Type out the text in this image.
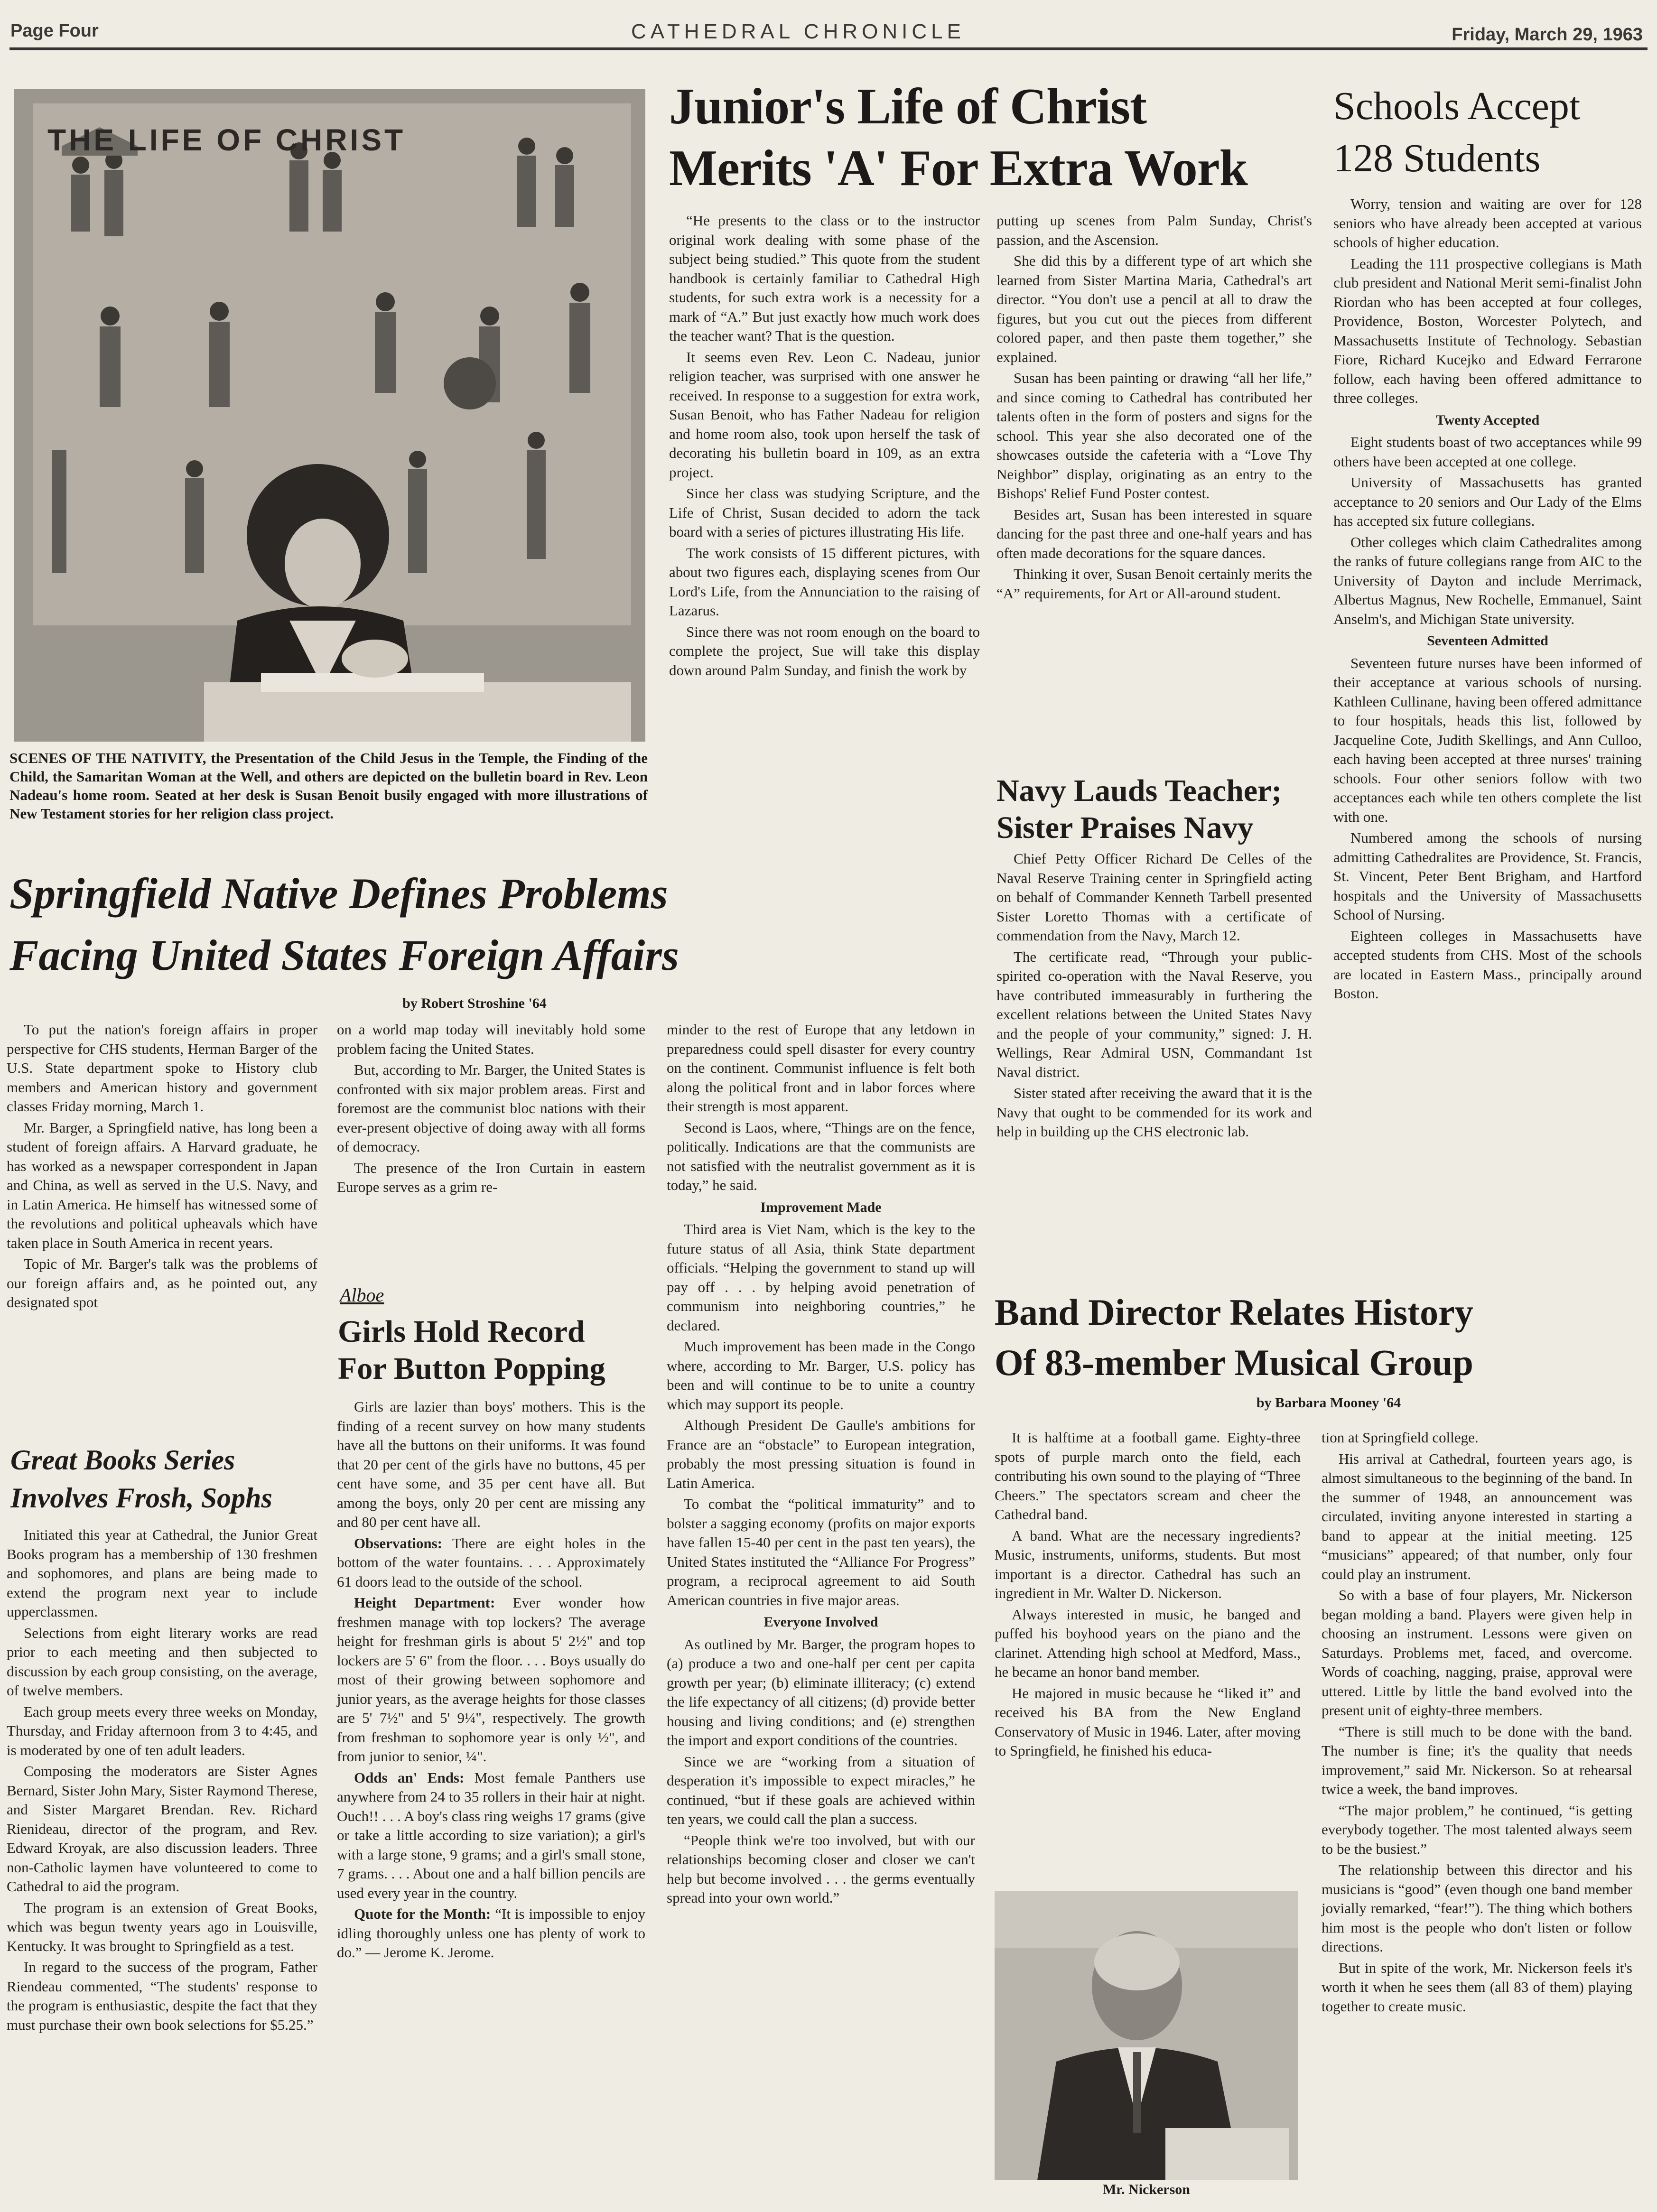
Page Four	CATHEDRAL CHRONICLE	Friday, March 29, 1963
THE LIFE OF CHRIST
SCENES OF THE NATIVITY, the Presentation of the Child Jesus in the Temple, the Finding of the Child, the Samaritan Woman at the Well, and others are depicted on the bulletin board in Rev. Leon Nadeau's home room. Seated at her desk is Susan Benoit busily engaged with more illustrations of New Testament stories for her religion class project.
Junior's Life of Christ
Merits 'A' For Extra Work

“He presents to the class or to the instructor original work dealing with some phase of the subject being studied.” This quote from the student handbook is certainly familiar to Cathedral High students, for such extra work is a necessity for a mark of “A.” But just exactly how much work does the teacher want? That is the question.

It seems even Rev. Leon C. Nadeau, junior religion teacher, was surprised with one answer he received. In response to a suggestion for extra work, Susan Benoit, who has Father Nadeau for religion and home room also, took upon herself the task of decorating his bulletin board in 109, as an extra project.

Since her class was studying Scripture, and the Life of Christ, Susan decided to adorn the tack board with a series of pictures illustrating His life.

The work consists of 15 different pictures, with about two figures each, displaying scenes from Our Lord's Life, from the Annunciation to the raising of Lazarus.

Since there was not room enough on the board to complete the project, Sue will take this display down around Palm Sunday, and finish the work by

putting up scenes from Palm Sunday, Christ's passion, and the Ascension.

She did this by a different type of art which she learned from Sister Martina Maria, Cathedral's art director. “You don't use a pencil at all to draw the figures, but you cut out the pieces from different colored paper, and then paste them together,” she explained.

Susan has been painting or drawing “all her life,” and since coming to Cathedral has contributed her talents often in the form of posters and signs for the school. This year she also decorated one of the showcases outside the cafeteria with a “Love Thy Neighbor” display, originating as an entry to the Bishops' Relief Fund Poster contest.

Besides art, Susan has been interested in square dancing for the past three and one-half years and has often made decorations for the square dances.

Thinking it over, Susan Benoit certainly merits the “A” requirements, for Art or All-around student.

Navy Lauds Teacher;
Sister Praises Navy

Chief Petty Officer Richard De Celles of the Naval Reserve Training center in Springfield acting on behalf of Commander Kenneth Tarbell presented Sister Loretto Thomas with a certificate of commendation from the Navy, March 12.

The certificate read, “Through your public-spirited co-operation with the Naval Reserve, you have contributed immeasurably in furthering the excellent relations between the United States Navy and the people of your community,” signed: J. H. Wellings, Rear Admiral USN, Commandant 1st Naval district.

Sister stated after receiving the award that it is the Navy that ought to be commended for its work and help in building up the CHS electronic lab.

Schools Accept
128 Students

Worry, tension and waiting are over for 128 seniors who have already been accepted at various schools of higher education.

Leading the 111 prospective collegians is Math club president and National Merit semi-finalist John Riordan who has been accepted at four colleges, Providence, Boston, Worcester Polytech, and Massachusetts Institute of Technology. Sebastian Fiore, Richard Kucejko and Edward Ferrarone follow, each having been offered admittance to three colleges.

Twenty Accepted

Eight students boast of two acceptances while 99 others have been accepted at one college.

University of Massachusetts has granted acceptance to 20 seniors and Our Lady of the Elms has accepted six future collegians.

Other colleges which claim Cathedralites among the ranks of future collegians range from AIC to the University of Dayton and include Merrimack, Albertus Magnus, New Rochelle, Emmanuel, Saint Anselm's, and Michigan State university.

Seventeen Admitted

Seventeen future nurses have been informed of their acceptance at various schools of nursing. Kathleen Cullinane, having been offered admittance to four hospitals, heads this list, followed by Jacqueline Cote, Judith Skellings, and Ann Culloo, each having been accepted at three nurses' training schools. Four other seniors follow with two acceptances each while ten others complete the list with one.

Numbered among the schools of nursing admitting Cathedralites are Providence, St. Francis, St. Vincent, Peter Bent Brigham, and Hartford hospitals and the University of Massachusetts School of Nursing.

Eighteen colleges in Massachusetts have accepted students from CHS. Most of the schools are located in Eastern Mass., principally around Boston.

Springfield Native Defines Problems
Facing United States Foreign Affairs
by Robert Stroshine '64

To put the nation's foreign affairs in proper perspective for CHS students, Herman Barger of the U.S. State department spoke to History club members and American history and government classes Friday morning, March 1.

Mr. Barger, a Springfield native, has long been a student of foreign affairs. A Harvard graduate, he has worked as a newspaper correspondent in Japan and China, as well as served in the U.S. Navy, and in Latin America. He himself has witnessed some of the revolutions and political upheavals which have taken place in South America in recent years.

Topic of Mr. Barger's talk was the problems of our foreign affairs and, as he pointed out, any designated spot

on a world map today will inevitably hold some problem facing the United States.

But, according to Mr. Barger, the United States is confronted with six major problem areas. First and foremost are the communist bloc nations with their ever-present objective of doing away with all forms of democracy.

The presence of the Iron Curtain in eastern Europe serves as a grim re-

minder to the rest of Europe that any letdown in preparedness could spell disaster for every country on the continent. Communist influence is felt both along the political front and in labor forces where their strength is most apparent.

Second is Laos, where, “Things are on the fence, politically. Indications are that the communists are not satisfied with the neutralist government as it is today,” he said.

Improvement Made

Third area is Viet Nam, which is the key to the future status of all Asia, think State department officials. “Helping the government to stand up will pay off . . . by helping avoid penetration of communism into neighboring countries,” he declared.

Much improvement has been made in the Congo where, according to Mr. Barger, U.S. policy has been and will continue to be to unite a country which may support its people.

Although President De Gaulle's ambitions for France are an “obstacle” to European integration, probably the most pressing situation is found in Latin America.

To combat the “political immaturity” and to bolster a sagging economy (profits on major exports have fallen 15-40 per cent in the past ten years), the United States instituted the “Alliance For Progress” program, a reciprocal agreement to aid South American countries in five major areas.

Everyone Involved

As outlined by Mr. Barger, the program hopes to (a) produce a two and one-half per cent per capita growth per year; (b) eliminate illiteracy; (c) extend the life expectancy of all citizens; (d) provide better housing and living conditions; and (e) strengthen the import and export conditions of the countries.

Since we are “working from a situation of desperation it's impossible to expect miracles,” he continued, “but if these goals are achieved within ten years, we could call the plan a success.

“People think we're too involved, but with our relationships becoming closer and closer we can't help but become involved . . . the germs eventually spread into your own world.”

Great Books Series
Involves Frosh, Sophs

Initiated this year at Cathedral, the Junior Great Books program has a membership of 130 freshmen and sophomores, and plans are being made to extend the program next year to include upperclassmen.

Selections from eight literary works are read prior to each meeting and then subjected to discussion by each group consisting, on the average, of twelve members.

Each group meets every three weeks on Monday, Thursday, and Friday afternoon from 3 to 4:45, and is moderated by one of ten adult leaders.

Composing the moderators are Sister Agnes Bernard, Sister John Mary, Sister Raymond Therese, and Sister Margaret Brendan. Rev. Richard Rienideau, director of the program, and Rev. Edward Kroyak, are also discussion leaders. Three non-Catholic laymen have volunteered to come to Cathedral to aid the program.

The program is an extension of Great Books, which was begun twenty years ago in Louisville, Kentucky. It was brought to Springfield as a test.

In regard to the success of the program, Father Riendeau commented, “The students' response to the program is enthusiastic, despite the fact that they must purchase their own book selections for $5.25.”

Alboe
Girls Hold Record
For Button Popping

Girls are lazier than boys' mothers. This is the finding of a recent survey on how many students have all the buttons on their uniforms. It was found that 20 per cent of the girls have no buttons, 45 per cent have some, and 35 per cent have all. But among the boys, only 20 per cent are missing any and 80 per cent have all.

Observations: There are eight holes in the bottom of the water fountains. . . . Approximately 61 doors lead to the outside of the school.

Height Department: Ever wonder how freshmen manage with top lockers? The average height for freshman girls is about 5' 2½" and top lockers are 5' 6" from the floor. . . . Boys usually do most of their growing between sophomore and junior years, as the average heights for those classes are 5' 7½" and 5' 9¼", respectively. The growth from freshman to sophomore year is only ½", and from junior to senior, ¼".

Odds an' Ends: Most female Panthers use anywhere from 24 to 35 rollers in their hair at night. Ouch!! . . . A boy's class ring weighs 17 grams (give or take a little according to size variation); a girl's with a large stone, 9 grams; and a girl's small stone, 7 grams. . . . About one and a half billion pencils are used every year in the country.

Quote for the Month: “It is impossible to enjoy idling thoroughly unless one has plenty of work to do.” — Jerome K. Jerome.

Band Director Relates History
Of 83-member Musical Group
by Barbara Mooney '64

It is halftime at a football game. Eighty-three spots of purple march onto the field, each contributing his own sound to the playing of “Three Cheers.” The spectators scream and cheer the Cathedral band.

A band. What are the necessary ingredients? Music, instruments, uniforms, students. But most important is a director. Cathedral has such an ingredient in Mr. Walter D. Nickerson.

Always interested in music, he banged and puffed his boyhood years on the piano and the clarinet. Attending high school at Medford, Mass., he became an honor band member.

He majored in music because he “liked it” and received his BA from the New England Conservatory of Music in 1946. Later, after moving to Springfield, he finished his educa-

Mr. Nickerson

tion at Springfield college.

His arrival at Cathedral, fourteen years ago, is almost simultaneous to the beginning of the band. In the summer of 1948, an announcement was circulated, inviting anyone interested in starting a band to appear at the initial meeting. 125 “musicians” appeared; of that number, only four could play an instrument.

So with a base of four players, Mr. Nickerson began molding a band. Players were given help in choosing an instrument. Lessons were given on Saturdays. Problems met, faced, and overcome. Words of coaching, nagging, praise, approval were uttered. Little by little the band evolved into the present unit of eighty-three members.

“There is still much to be done with the band. The number is fine; it's the quality that needs improvement,” said Mr. Nickerson. So at rehearsal twice a week, the band improves.

“The major problem,” he continued, “is getting everybody together. The most talented always seem to be the busiest.”

The relationship between this director and his musicians is “good” (even though one band member jovially remarked, “fear!”). The thing which bothers him most is the people who don't listen or follow directions.

But in spite of the work, Mr. Nickerson feels it's worth it when he sees them (all 83 of them) playing together to create music.
